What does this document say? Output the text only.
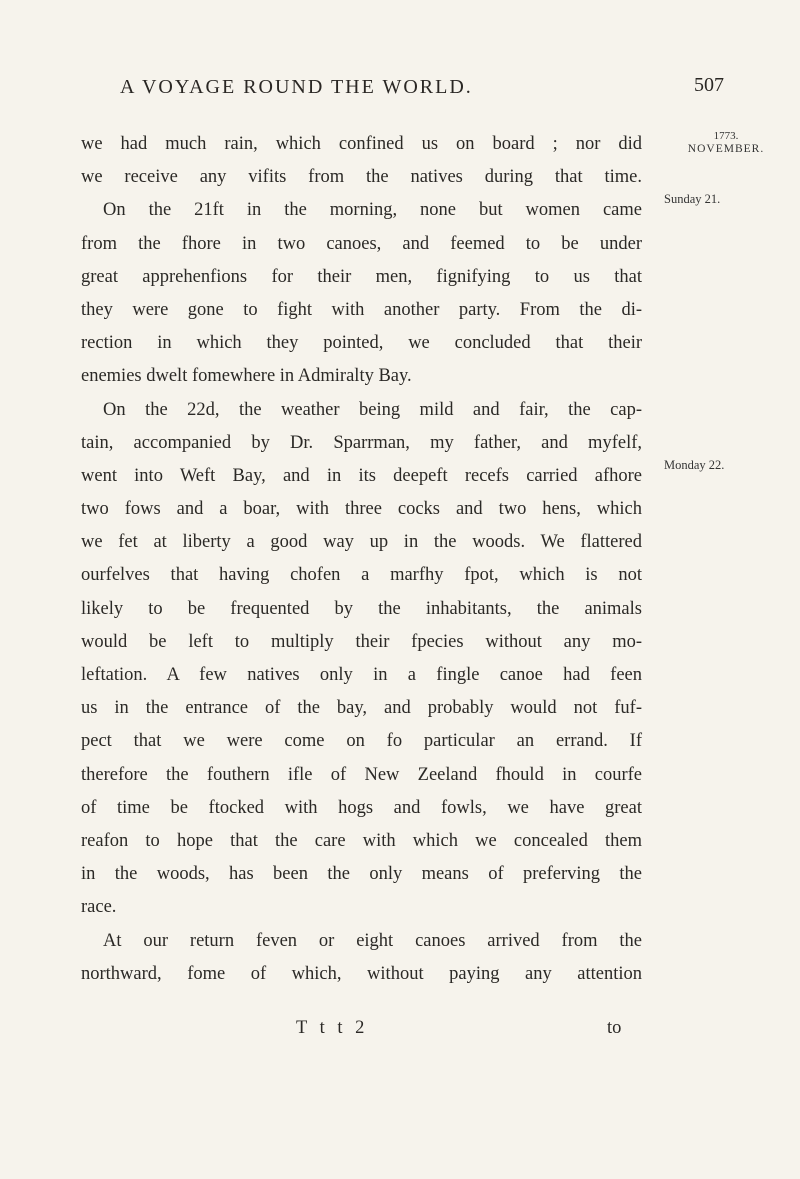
A VOYAGE ROUND THE WORLD.	507
1773.
NOVEMBER.
Sunday 21.
Monday 22.
we had much rain, which confined us on board ; nor did
we receive any vifits from the natives during that time.
On the 21ft in the morning, none but women came
from the fhore in two canoes, and feemed to be under
great apprehenfions for their men, fignifying to us that
they were gone to fight with another party. From the di-
rection in which they pointed, we concluded that their
enemies dwelt fomewhere in Admiralty Bay.
On the 22d, the weather being mild and fair, the cap-
tain, accompanied by Dr. Sparrman, my father, and myfelf,
went into Weft Bay, and in its deepeft recefs carried afhore
two fows and a boar, with three cocks and two hens, which
we fet at liberty a good way up in the woods. We flattered
ourfelves that having chofen a marfhy fpot, which is not
likely to be frequented by the inhabitants, the animals
would be left to multiply their fpecies without any mo-
leftation. A few natives only in a fingle canoe had feen
us in the entrance of the bay, and probably would not fuf-
pect that we were come on fo particular an errand. If
therefore the fouthern ifle of New Zeeland fhould in courfe
of time be ftocked with hogs and fowls, we have great
reafon to hope that the care with which we concealed them
in the woods, has been the only means of preferving the
race.
At our return feven or eight canoes arrived from the
northward, fome of which, without paying any attention
T t t 2	to
